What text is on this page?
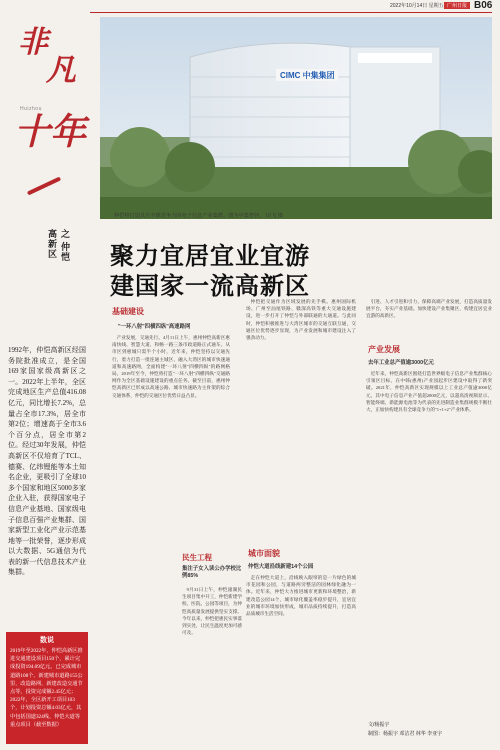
2022年10月14日 星期五 广州日报 B06
非
凡
十年
Huizhou
之 仲恺高新区
1992年，仲恺高新区经国务院批准成立，是全国169家国家级高新区之一。2022年上半年，全区完成地区生产总值416.08亿元，同比增长7.2%，总量占全市17.3%，居全市第2位；增速高于全市3.6个百分点，居全市第2位。经过30年发展，仲恺高新区不仅培育了TCL、德赛、亿纬锂能等本土知名企业，更吸引了全球10多个国家和地区5000多家企业入驻，获得国家电子信息产业基地、国家级电子信息百强产业集群、国家新型工业化产业示范基地等一批荣誉，逐步形成以大数据、5G通信为代表的新一代信息技术产业集群。
数说
2019年至2022年，仲恺高新区推进交通建设项目150个，累计完成投资194.09亿元。已完成城市道路108个、新建城市道路155公里、改造路网、新建改造交通节点等，投资完成额2.45亿元；2022年，全区新开工项目103个，计划投资总额4.03亿元，其中包括国道324线、仲恺大道等重点项目（截至数据）
CIMC 中集集团
仲恺将打造具有全球竞争力的电子信息产业集群。图为中集智谷。 田飞 摄
聚力宜居宜业宜游
建国家一流高新区
基础建设
"一环八射"四横四纵"高速路网
产业发展，交通先行。4月11日上午，惠州仲恺高新区惠南快线、智慧大道、和畅一路三条市政道路正式通车。从市区到惠城只需半个小时，近年来，仲恺坚持以交通先行，着力打造一批连通主城区、融入大湾区的城市快速通道和高速路网，全面构建"一环八射"四横四纵"的路网格局。2019年至今，仲恺将打造"一环八射"四横四纵"交通路网作为全区基础设施建设的重点任务。截至目前，惠州仲恺高新区已形成以高速公路、城市快速路为主骨架的综合交通体系，仲恺的交通区位优势日益凸显。
民生工程
集注子女入读公办学校比例85%
9月31日上午，仲恺潼湖民生项目集中开工，仲恺新建学校、医院、公园等项目，为仲恺高质量发展提供坚实支撑。今年以来，仲恺把惠民实事落到实处，让民生温度更加可感可及。
仲恺把交通作为区域发展的先手棋。惠州国际机场、广州至汕尾铁路、赣深高铁等重大交通设施建设，进一步打开了仲恺与外部联通的大通道。与此同时，仲恺积极推进与大湾区城市的交通互联互通，交通区位优势逐步显现，为产业发展和城市建设注入了强劲动力。
城市面貌
仲恺大道沿线新建14个公园
走在仲恺大道上，沿线映入眼帘的是一片绿色的城市花园和公园，与道路两旁整洁的园林绿化融为一体。近年来，仲恺大力推进城市更新和环境整治，新建改造公园14个，城市绿化覆盖率稳步提升，宜居宜业的城市环境加快形成，城市品质持续提升，打造高品质城市生活空间。
引进、人才引进和引力，保障高端产业发展，打造高质量发展平台，夯实产业基础。加快建设产业集聚区，构建宜居宜业宜游的高新区。
产业发展
去年工业总产值逾3000亿元
近年来，仲恺高新区围绕打造世界级电子信息产业集群核心引领区目标，在中韩(惠州)产业园起步区建设中取得了新突破。2021年，仲恺高新区实现规模以上工业总产值逾3000亿元，其中电子信息产业产值超2000亿元，以超高清视频显示、智能终端、新能源电池等为代表的先进制造业集群规模不断壮大，正加快构建具有全球竞争力的"1+1+2"产业体系。
文/杨振宇
制图：杨振宇 邓洁君 林华 李亚宇
